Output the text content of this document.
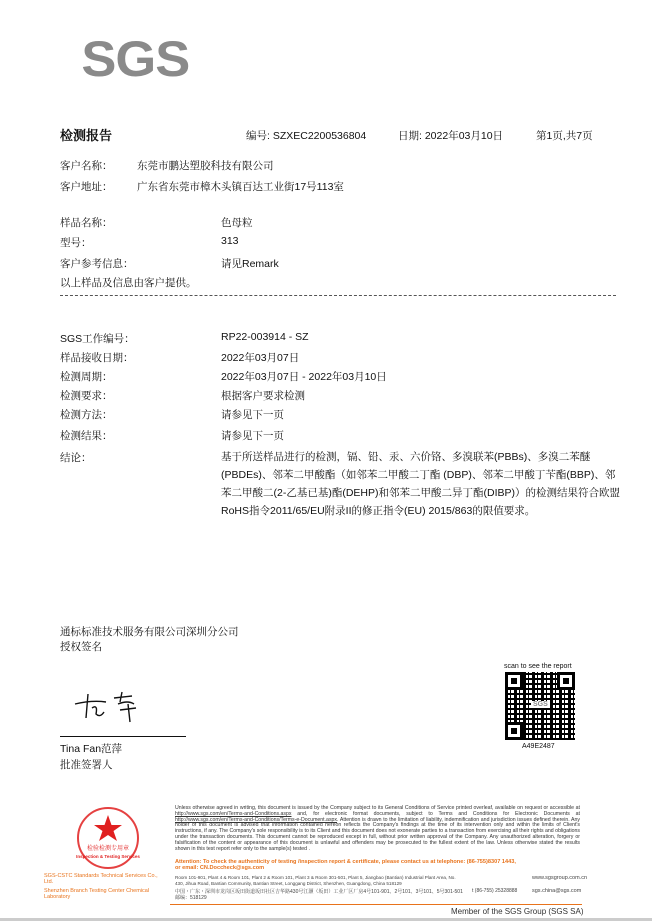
SGS
检测报告	编号: SZXEC2200536804	日期: 2022年03月10日	第1页,共7页
客户名称： 东莞市鹏达塑胶科技有限公司
客户地址： 广东省东莞市樟木头镇百达工业街17号113室
样品名称：	色母粒
型号：	313
客户参考信息：	请见Remark
以上样品及信息由客户提供。
SGS工作编号：	RP22-003914 - SZ
样品接收日期：	2022年03月07日
检测周期：	2022年03月07日 - 2022年03月10日
检测要求：	根据客户要求检测
检测方法：	请参见下一页
检测结果：	请参见下一页
结论：	基于所送样品进行的检测，镉、铅、汞、六价铬、多溴联苯(PBBs)、多溴二苯醚(PBDEs)、邻苯二甲酸酯（如邻苯二甲酸二丁酯 (DBP)、邻苯二甲酸丁苄酯(BBP)、邻苯二甲酸二(2-乙基已基)酯(DEHP)和邻苯二甲酸二异丁酯(DIBP)）的检测结果符合欧盟RoHS指令2011/65/EU附录II的修正指令(EU) 2015/863的限值要求。
通标标准技术服务有限公司深圳分公司
授权签名
Tina Fan范萍
批准签署人
scan to see the report
SGS
A49E2487
检验检测专用章
Inspection & Testing Services
SGS-CSTC Standards Technical Services Co., Ltd.
Shenzhen Branch Testing Center Chemical Laboratory
Unless otherwise agreed in writing, this document is issued by the Company subject to its General Conditions of Service printed overleaf, available on request or accessible at http://www.sgs.com/en/Terms-and-Conditions.aspx and, for electronic format documents, subject to Terms and Conditions for Electronic Documents at http://www.sgs.com/en/Terms-and-Conditions/Terms-e-Document.aspx. Attention is drawn to the limitation of liability, indemnification and jurisdiction issues defined therein. Any holder of this document is advised that information contained hereon reflects the Company's findings at the time of its intervention only and within the limits of Client's instructions, if any. The Company's sole responsibility is to its Client and this document does not exonerate parties to a transaction from exercising all their rights and obligations under the transaction documents. This document cannot be reproduced except in full, without prior written approval of the Company. Any unauthorized alteration, forgery or falsification of the content or appearance of this document is unlawful and offenders may be prosecuted to the fullest extent of the law. Unless otherwise stated the results shown in this test report refer only to the sample(s) tested .
Attention: To check the authenticity of testing /inspection report & certificate, please contact us at telephone: (86-755)8307 1443,
or email: CN.Doccheck@sgs.com
Room 101-901, Plant 4 & Room 101, Plant 2 & Room 101, Plant 3 & Room 301-501, Plant 5, Jiangbao (Bantian) Industrial Plant Area, No. 430, Jihua Road, Bantian Community, Bantian Street, Longgang District, Shenzhen, Guangdong, China 518129
中国・广东・深圳市龙岗区坂田街道坂田社区吉华路430号江灏（坂田）工业厂区厂房4号101-901、2号101、3号101、5号301-501 邮编：518129
t (86-755) 25328888
www.sgsgroup.com.cn
sgs.china@sgs.com
Member of the SGS Group (SGS SA)
